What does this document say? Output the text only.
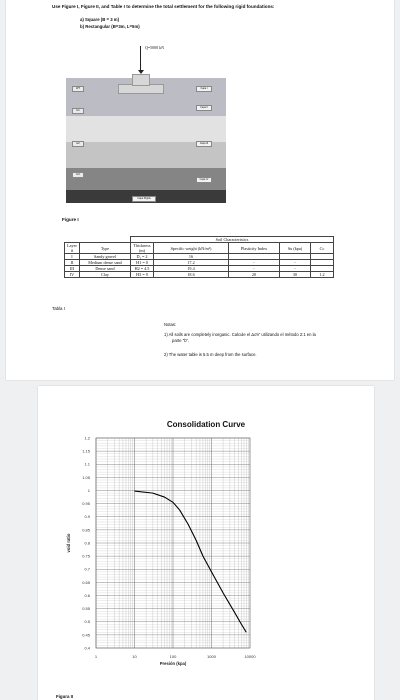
Use Figure I, Figure II, and Table I to determine the total settlement for the following rigid foundations:
a) Square (B = 3 m)
b) Rectangular (B=3m, L=5m)
Q=5000 kN
WT
H1
H2
H3
Capa I
Capa II
Capa III
Capa IV
Capa Rígida
Figure I
		Soil Characteristics				
Layer #	Type	Thickness (m)	Specific weight (kN/m³)	Plasticity Index	Su (kpa)	Cc
I	Sandy gravel	D₁ = 2	16			
II	Medium dense sand	H1 = 0	17.2	-	-	
III	Dense sand	H2 = 4.5	19.4	-	-	
IV	Clay	H3 = 9	18.6	20	30	1.2
Tabla I
Notas:
1) All soils are completely inorganic. Calcule el ΔσV' utilizando el método 2:1 en la
parte "b".
2) The water table is 5.5 m deep from the surface.
Consolidation Curve
0.4
0.45
0.5
0.55
0.6
0.65
0.7
0.75
0.8
0.85
0.9
0.95
1
1.05
1.1
1.15
1.2
1	10	100	1000	10000
Presión (kpa)
void ratio
Figura II
